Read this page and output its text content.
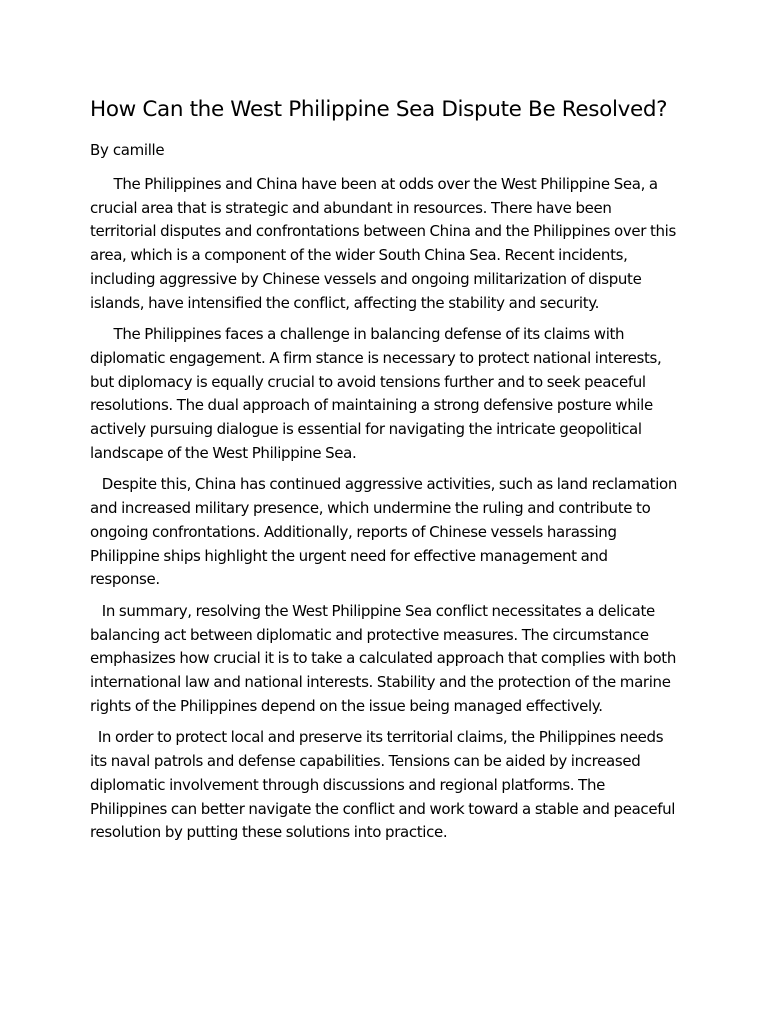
How Can the West Philippine Sea Dispute Be Resolved?

By camille

The Philippines and China have been at odds over the West Philippine Sea, a crucial area that is strategic and abundant in resources. There have been territorial disputes and confrontations between China and the Philippines over this area, which is a component of the wider South China Sea. Recent incidents, including aggressive by Chinese vessels and ongoing militarization of dispute islands, have intensified the conflict, affecting the stability and security.

The Philippines faces a challenge in balancing defense of its claims with diplomatic engagement. A firm stance is necessary to protect national interests, but diplomacy is equally crucial to avoid tensions further and to seek peaceful resolutions. The dual approach of maintaining a strong defensive posture while actively pursuing dialogue is essential for navigating the intricate geopolitical landscape of the West Philippine Sea.

Despite this, China has continued aggressive activities, such as land reclamation and increased military presence, which undermine the ruling and contribute to ongoing confrontations. Additionally, reports of Chinese vessels harassing Philippine ships highlight the urgent need for effective management and response.

In summary, resolving the West Philippine Sea conflict necessitates a delicate balancing act between diplomatic and protective measures. The circumstance emphasizes how crucial it is to take a calculated approach that complies with both international law and national interests. Stability and the protection of the marine rights of the Philippines depend on the issue being managed effectively.

In order to protect local and preserve its territorial claims, the Philippines needs its naval patrols and defense capabilities. Tensions can be aided by increased diplomatic involvement through discussions and regional platforms. The Philippines can better navigate the conflict and work toward a stable and peaceful resolution by putting these solutions into practice.
